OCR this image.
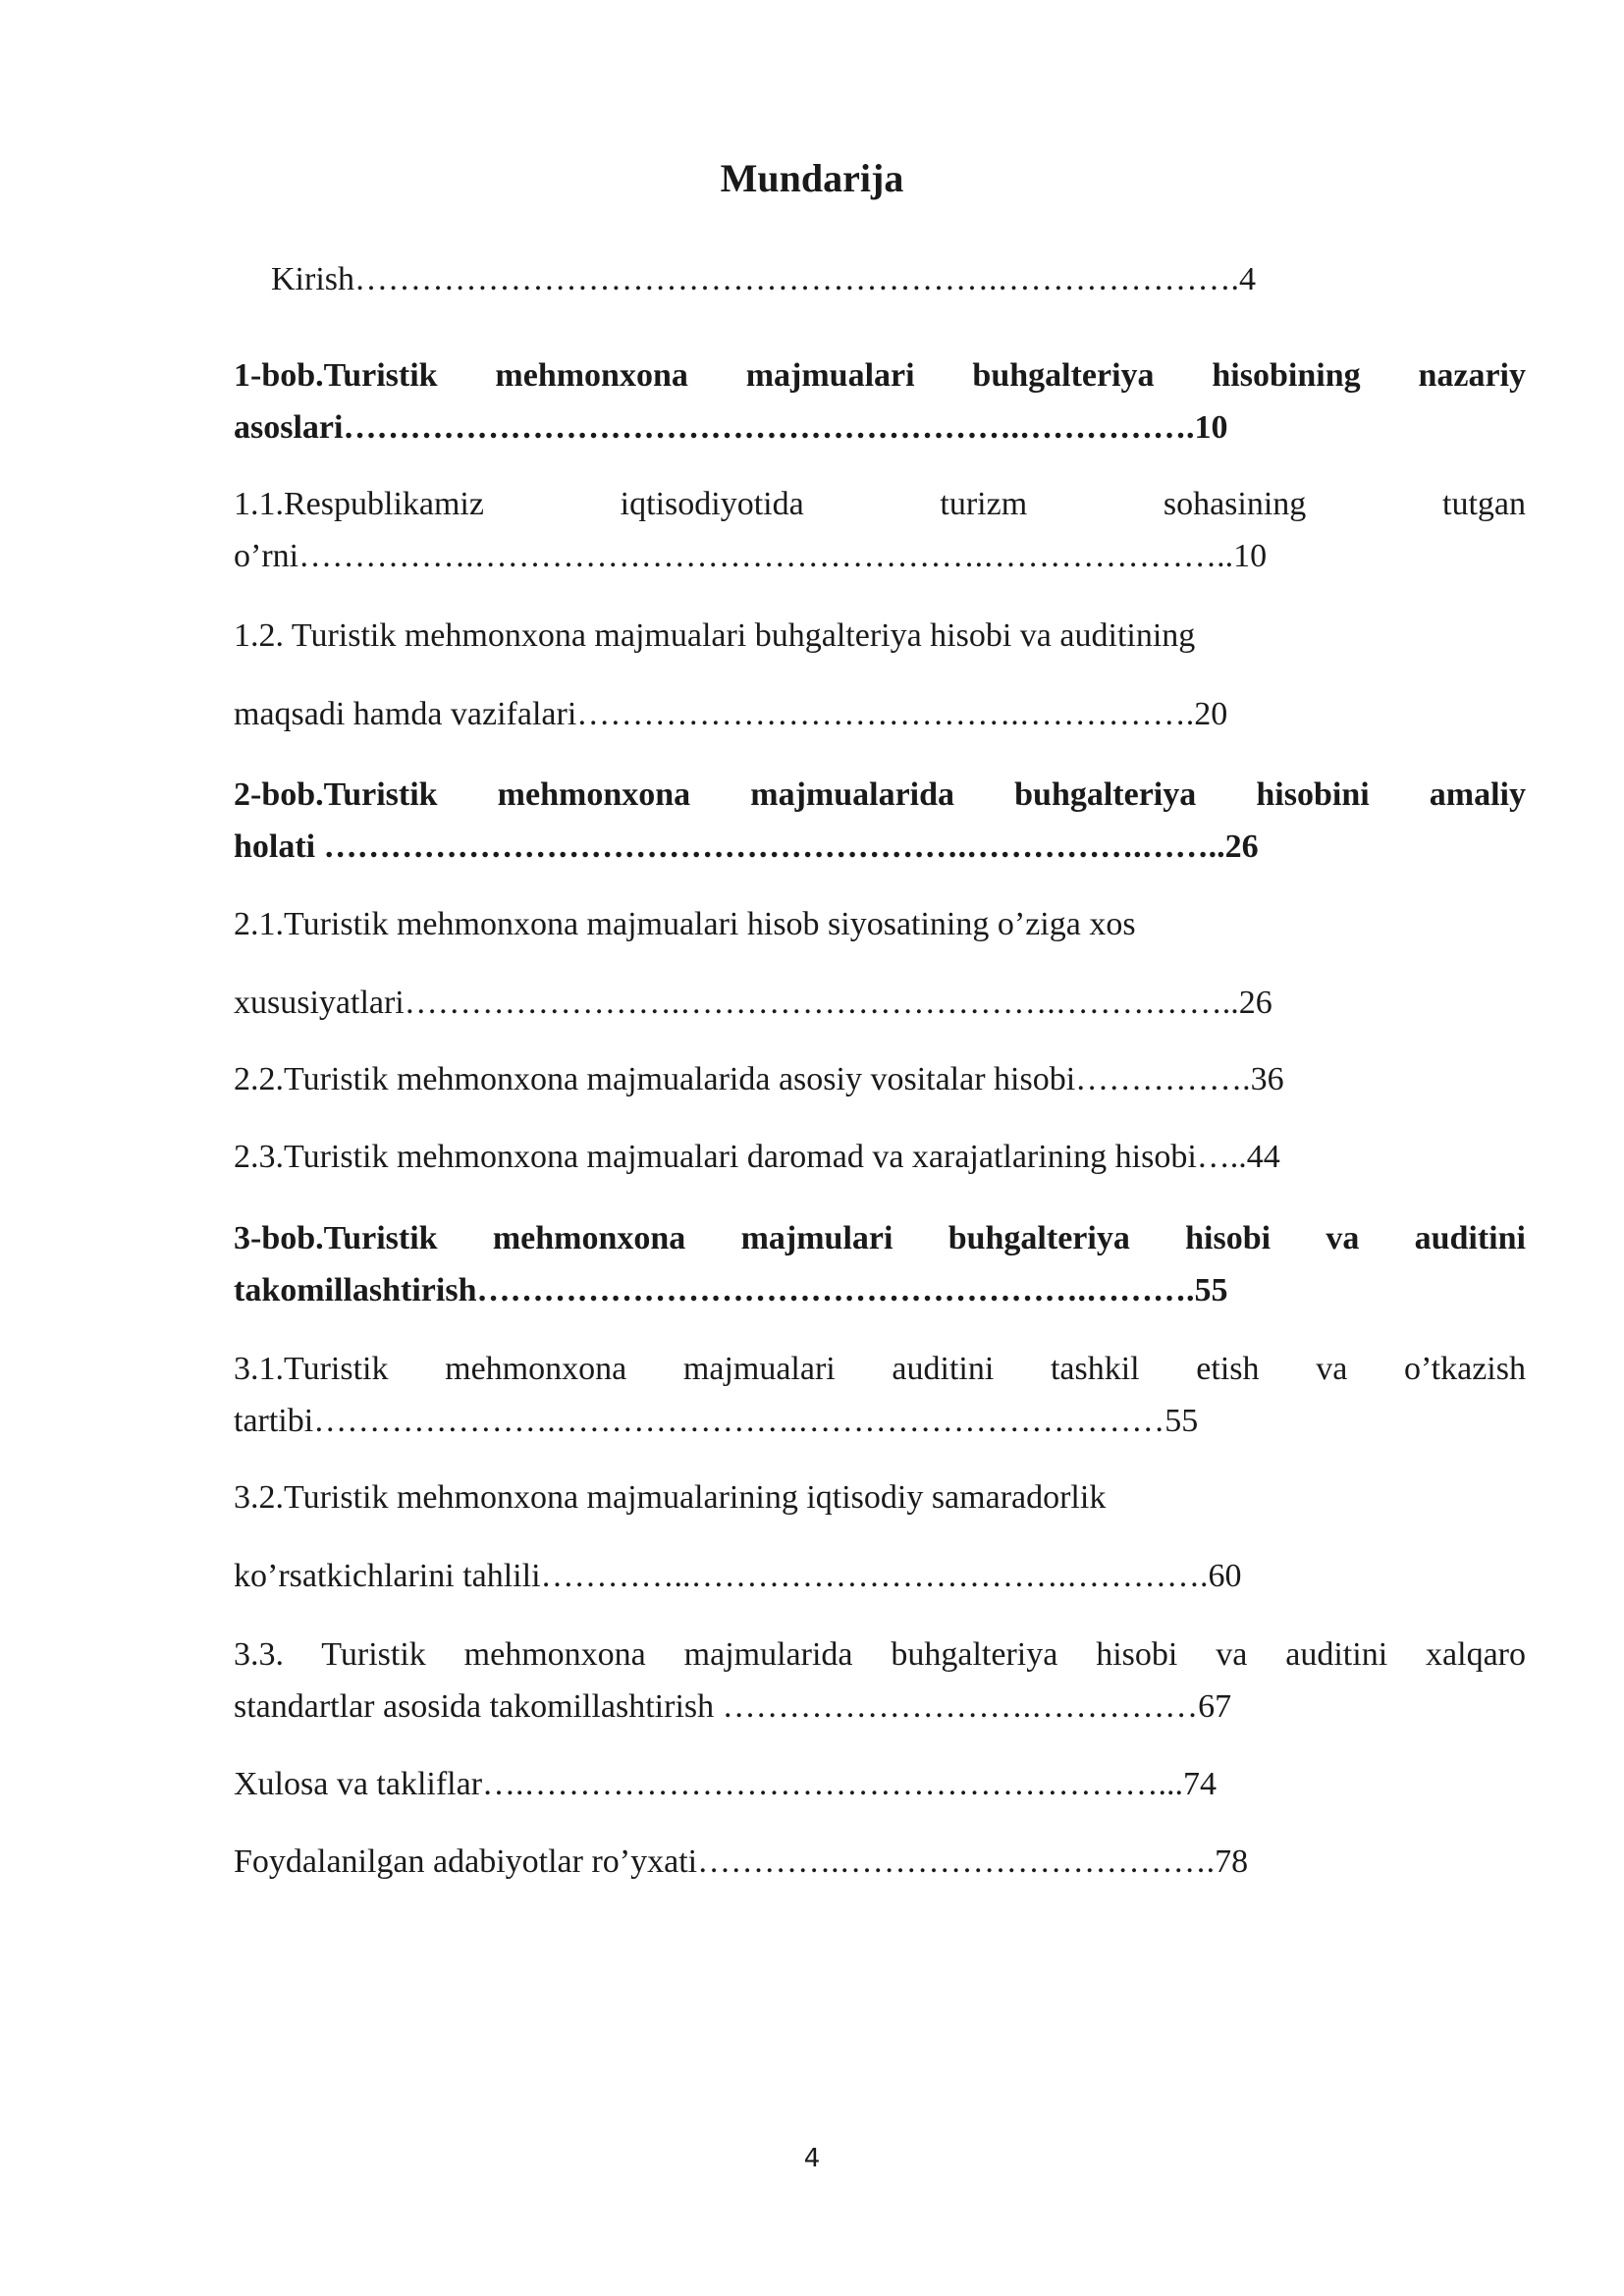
Mundarija
Kirish………………………………………………….………………….4
1-bob.Turistik mehmonxona majmualari buhgalteriya hisobining nazariy
asoslari…………………………………………………….…………….10
1.1.Respublikamiz iqtisodiyotida turizm sohasining tutgan
o’rni…………….……………………………………….…………………..10
1.2. Turistik mehmonxona majmualari buhgalteriya hisobi va auditining
maqsadi hamda vazifalari………………………………….…………….20
2-bob.Turistik mehmonxona majmualarida buhgalteriya hisobini amaliy
holati ………………………………………………….…………….……..26
2.1.Turistik mehmonxona majmualari hisob siyosatining o’ziga xos
xususiyatlari…………………….…………………………….……………..26
2.2.Turistik mehmonxona majmualarida asosiy vositalar hisobi…………….36
2.3.Turistik mehmonxona majmualari daromad va xarajatlarining hisobi…..44
3-bob.Turistik mehmonxona majmulari buhgalteriya hisobi va auditini
takomillashtirish……………………………………………….……….55
3.1.Turistik mehmonxona majmualari auditini tashkil etish va o’tkazish
tartibi………………….………………….……………………………55
3.2.Turistik mehmonxona majmualarining iqtisodiy samaradorlik
ko’rsatkichlarini tahlili…………..…………………………….………….60
3.3. Turistik mehmonxona majmularida buhgalteriya hisobi va auditini xalqaro
standartlar asosida takomillashtirish ……………………….……………67
Xulosa va takliflar….…………………………………………………...74
Foydalanilgan adabiyotlar ro’yxati………….…………………………….78
4
